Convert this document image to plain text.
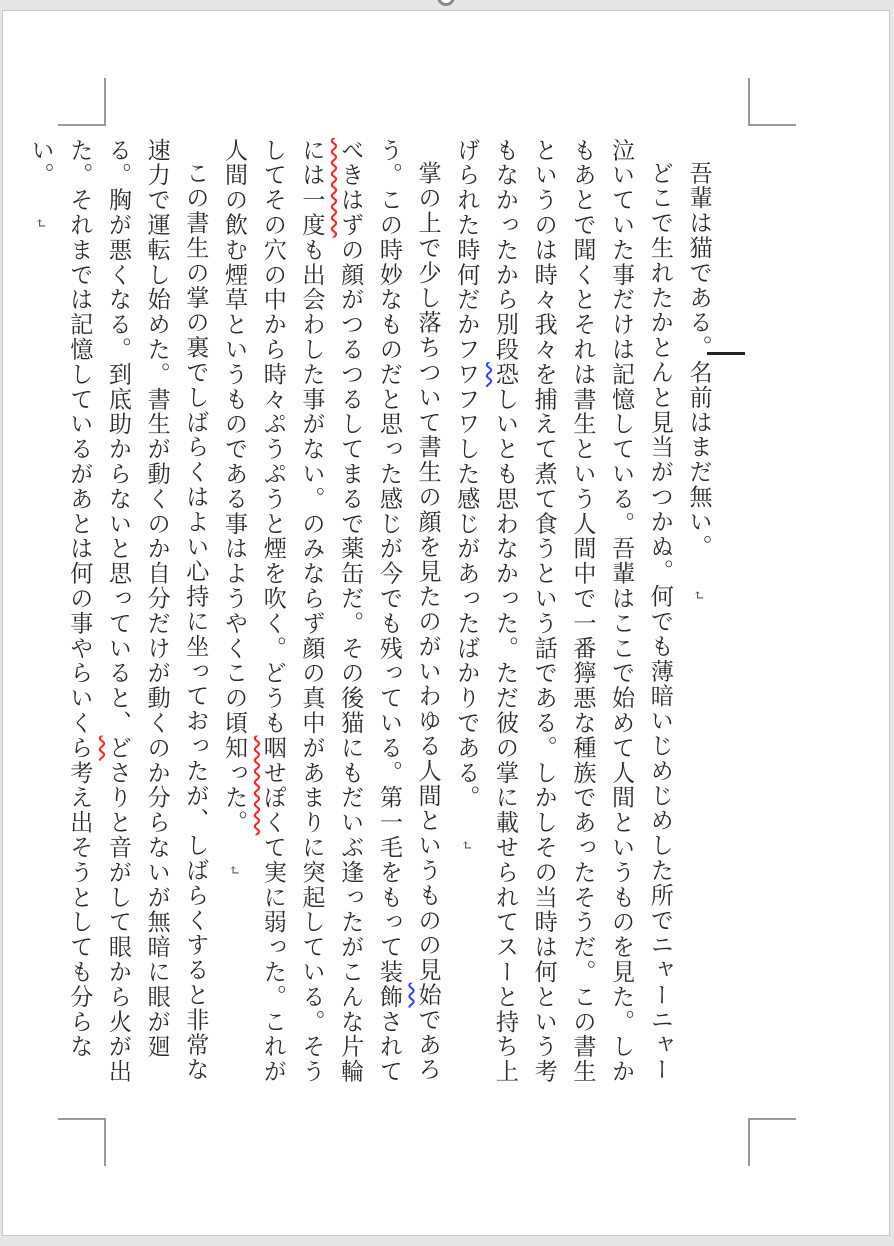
吾輩は猫である。名前はまだ無い。↵

どこで生れたかとんと見当がつかぬ。何でも薄暗いじめじめした所でニャーニャー泣いていた事だけは記憶している。吾輩はここで始めて人間というものを見た。しかもあとで聞くとそれは書生という人間中で一番獰悪な種族であったそうだ。この書生というのは時々我々を捕えて煮て食うという話である。しかしその当時は何という考もなかったから別段恐しいとも思わなかった。ただ彼の掌に載せられてスーと持ち上げられた時何だかフワフワした感じがあったばかりである。↵

掌の上で少し落ちついて書生の顔を見たのがいわゆる人間というものの見始であろう。この時妙なものだと思った感じが今でも残っている。第一毛をもって装飾されてべきはずの顔がつるつるしてまるで薬缶だ。その後猫にもだいぶ逢ったがこんな片輪には一度も出会わした事がない。のみならず顔の真中があまりに突起している。そうしてその穴の中から時々ぷうぷうと煙を吹く。どうも咽せぽくて実に弱った。これが人間の飲む煙草というものである事はようやくこの頃知った。↵

この書生の掌の裏でしばらくはよい心持に坐っておったが、しばらくすると非常な速力で運転し始めた。書生が動くのか自分だけが動くのか分らないが無暗に眼が廻る。胸が悪くなる。到底助からないと思っていると、どさりと音がして眼から火が出た。それまでは記憶しているがあとは何の事やらいくら考え出そうとしても分らない。↵
